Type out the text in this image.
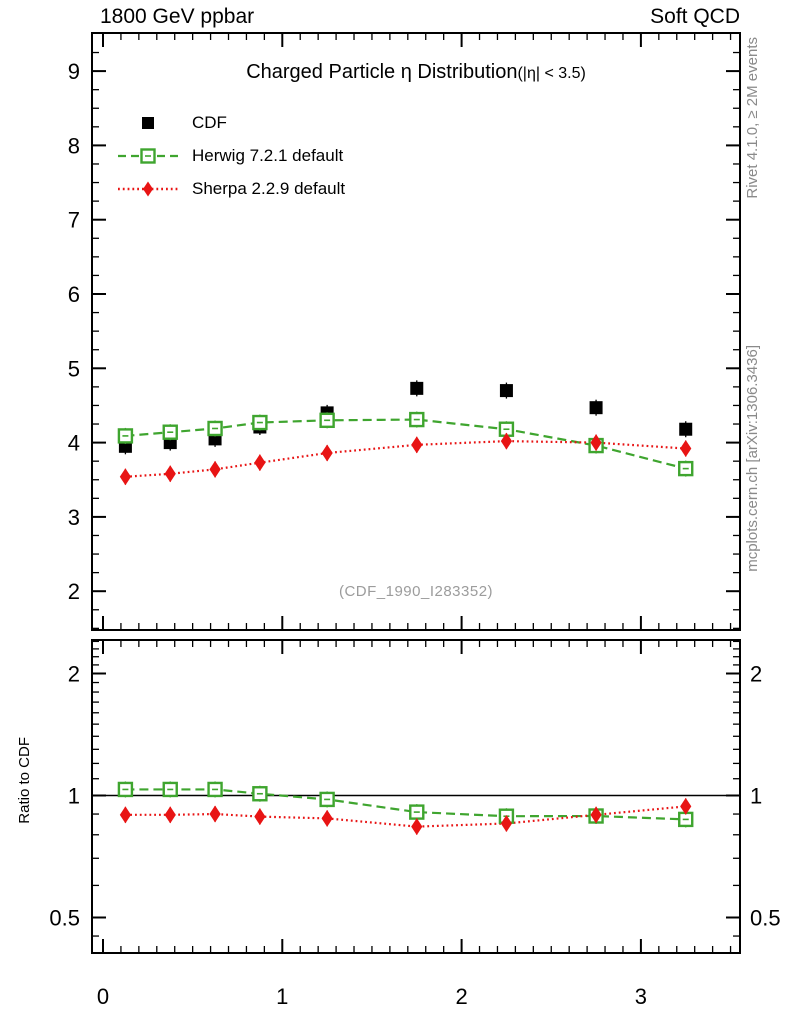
9
8
7
6
5
4
3
2
2	2
1	1
0.5	0.5
0	1	2	3
1800 GeV ppbar	Soft QCD
Charged Particle η Distribution(|η| < 3.5)
CDF
Herwig 7.2.1 default
Sherpa 2.2.9 default
(CDF_1990_I283352)
Rivet 4.1.0, ≥ 2M events
mcplots.cern.ch [arXiv:1306.3436]
Ratio to CDF
